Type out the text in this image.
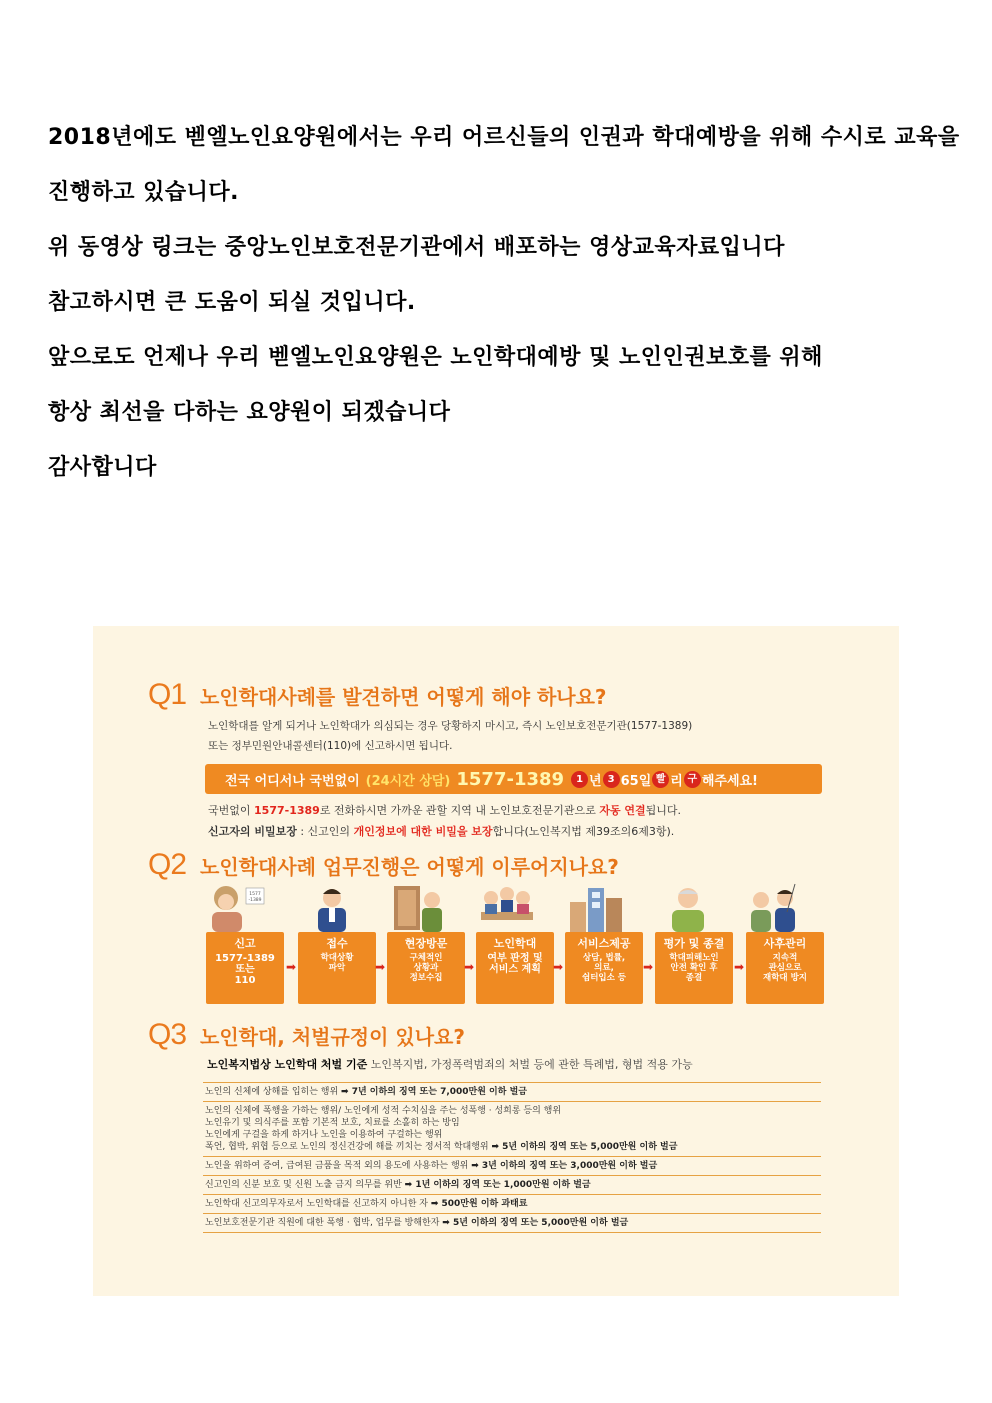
2018년에도 벧엘노인요양원에서는 우리 어르신들의 인권과 학대예방을 위해 수시로 교육을

진행하고 있습니다.

위 동영상 링크는 중앙노인보호전문기관에서 배포하는 영상교육자료입니다

참고하시면 큰 도움이 되실 것입니다.

앞으로도 언제나 우리 벧엘노인요양원은 노인학대예방 및 노인인권보호를 위해

항상 최선을 다하는 요양원이 되겠습니다

감사합니다

Q1 노인학대사례를 발견하면 어떻게 해야 하나요?
노인학대를 알게 되거나 노인학대가 의심되는 경우 당황하지 마시고, 즉시 노인보호전문기관(1577-1389)
또는 정부민원안내콜센터(110)에 신고하시면 됩니다.
전국 어디서나 국번없이 (24시간 상담) 1577-1389	1 년 3 65일 빨 리 구 해주세요!
국번없이 1577-1389로 전화하시면 가까운 관할 지역 내 노인보호전문기관으로 자동 연결됩니다.
신고자의 비밀보장 : 신고인의 개인정보에 대한 비밀을 보장합니다(노인복지법 제39조의6제3항).
Q2 노인학대사례 업무진행은 어떻게 이루어지나요?
1577
-1389
신고
1577-1389
또는
110
➡
접수
학대상황
파악	➡
현장방문
구체적인
상황과
정보수집
➡
노인학대
여부 판정 및
서비스 계획	➡
서비스제공
상담, 법률,
의료,
쉼터입소 등
➡
평가 및 종결
학대피해노인
안전 확인 후
종결
➡
사후관리
지속적
관심으로
재학대 방지
Q3 노인학대, 처벌규정이 있나요?
노인복지법상 노인학대 처벌 기준 노인복지법, 가정폭력범죄의 처벌 등에 관한 특례법, 형법 적용 가능
노인의 신체에 상해를 입히는 행위 ➡ 7년 이하의 징역 또는 7,000만원 이하 벌금
노인의 신체에 폭행을 가하는 행위/ 노인에게 성적 수치심을 주는 성폭행 · 성희롱 등의 행위
노인유기 및 의식주를 포함 기본적 보호, 치료를 소홀히 하는 방임
노인에게 구걸을 하게 하거나 노인을 이용하여 구걸하는 행위
폭언, 협박, 위협 등으로 노인의 정신건강에 해를 끼치는 정서적 학대행위 ➡ 5년 이하의 징역 또는 5,000만원 이하 벌금
노인을 위하여 증여, 급여된 금품을 목적 외의 용도에 사용하는 행위 ➡ 3년 이하의 징역 또는 3,000만원 이하 벌금
신고인의 신분 보호 및 신원 노출 금지 의무를 위반 ➡ 1년 이하의 징역 또는 1,000만원 이하 벌금
노인학대 신고의무자로서 노인학대를 신고하지 아니한 자 ➡ 500만원 이하 과태료
노인보호전문기관 직원에 대한 폭행 · 협박, 업무를 방해한자 ➡ 5년 이하의 징역 또는 5,000만원 이하 벌금
